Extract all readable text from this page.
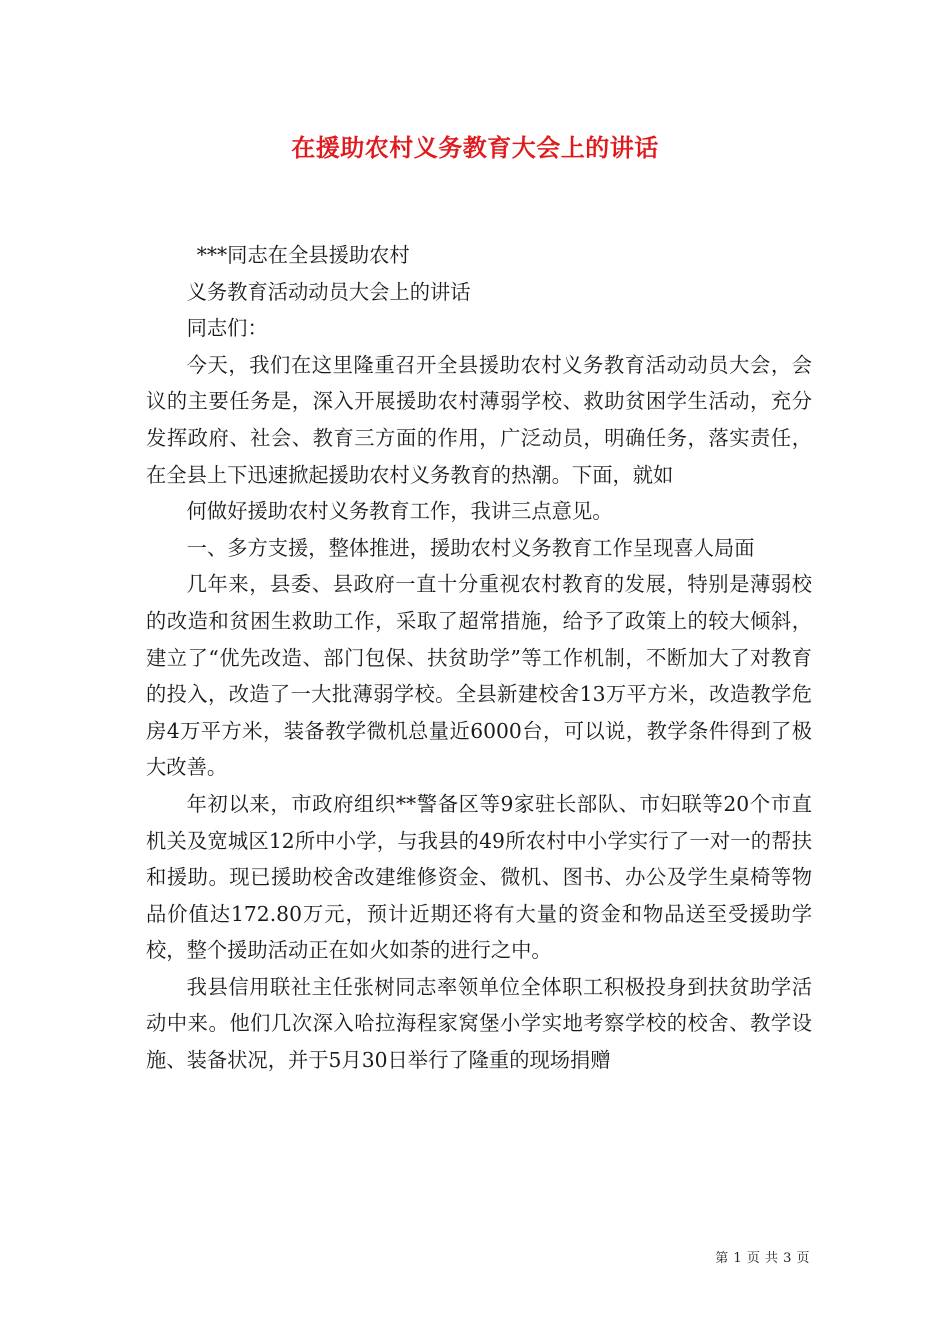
在援助农村义务教育大会上的讲话

***同志在全县援助农村

义务教育活动动员大会上的讲话

同志们：

今天，我们在这里隆重召开全县援助农村义务教育活动动员大会，会议的主要任务是，深入开展援助农村薄弱学校、救助贫困学生活动，充分发挥政府、社会、教育三方面的作用，广泛动员，明确任务，落实责任，在全县上下迅速掀起援助农村义务教育的热潮。下面，就如

何做好援助农村义务教育工作，我讲三点意见。

一、多方支援，整体推进，援助农村义务教育工作呈现喜人局面

几年来，县委、县政府一直十分重视农村教育的发展，特别是薄弱校的改造和贫困生救助工作，采取了超常措施，给予了政策上的较大倾斜，建立了“优先改造、部门包保、扶贫助学”等工作机制，不断加大了对教育的投入，改造了一大批薄弱学校。全县新建校舍13万平方米，改造教学危房4万平方米，装备教学微机总量近6000台，可以说，教学条件得到了极大改善。

年初以来，市政府组织**警备区等9家驻长部队、市妇联等20个市直机关及宽城区12所中小学，与我县的49所农村中小学实行了一对一的帮扶和援助。现已援助校舍改建维修资金、微机、图书、办公及学生桌椅等物品价值达172.80万元，预计近期还将有大量的资金和物品送至受援助学校，整个援助活动正在如火如荼的进行之中。

我县信用联社主任张树同志率领单位全体职工积极投身到扶贫助学活动中来。他们几次深入哈拉海程家窝堡小学实地考察学校的校舍、教学设施、装备状况，并于5月30日举行了隆重的现场捐赠

第 1 页 共 3 页
